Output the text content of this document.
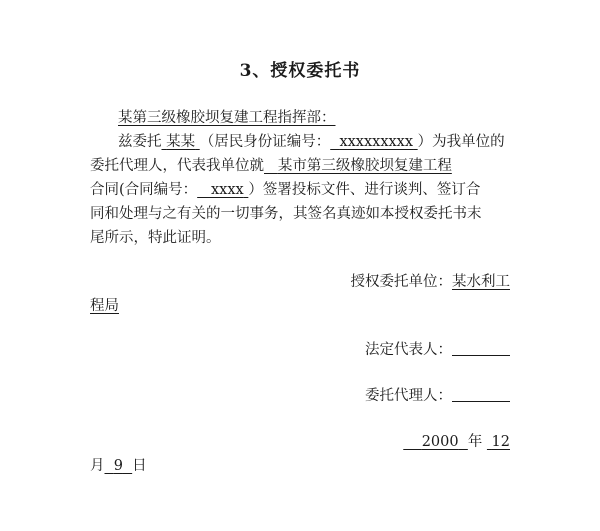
3、授权委托书
某第三级橡胶坝复建工程指挥部：
兹委托 某某 （居民身份证编号： xxxxxxxxx ）为我单位的
委托代理人，代表我单位就 某市第三级橡胶坝复建工程
合同(合同编号： xxxx ）签署投标文件、进行谈判、签订合
同和处理与之有关的一切事务，其签名真迹如本授权委托书末
尾所示，特此证明。
授权委托单位：某水利工
程局
法定代表人：
委托代理人：
2000 年 12
月 9 日
